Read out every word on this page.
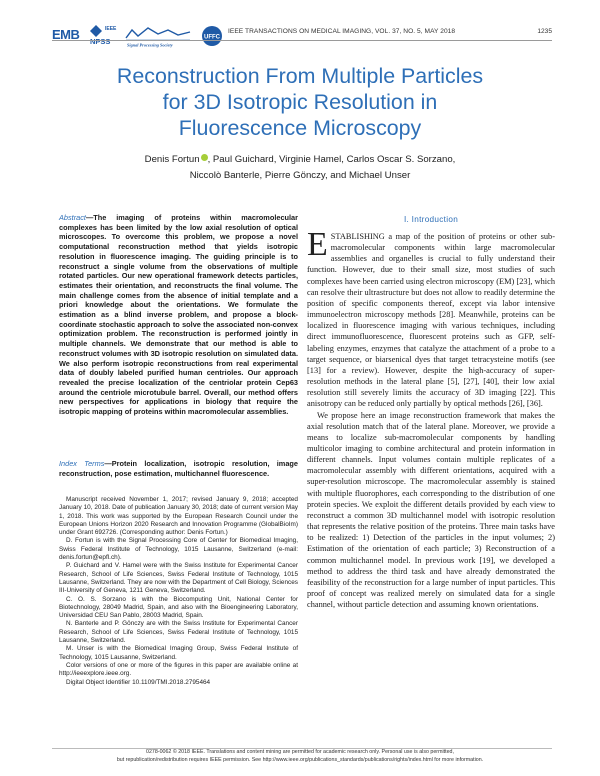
EMB	IEEE
NPSS	Signal Processing Society
UFFC
IEEE TRANSACTIONS ON MEDICAL IMAGING, VOL. 37, NO. 5, MAY 2018	1235
Reconstruction From Multiple Particles
for 3D Isotropic Resolution in
Fluorescence Microscopy
Denis Fortun , Paul Guichard, Virginie Hamel, Carlos Oscar S. Sorzano,
Niccolò Banterle, Pierre Gönczy, and Michael Unser
Abstract—The imaging of proteins within macromolecular complexes has been limited by the low axial resolution of optical microscopes. To overcome this problem, we propose a novel computational reconstruction method that yields isotropic resolution in fluorescence imaging. The guiding principle is to reconstruct a single volume from the observations of multiple rotated particles. Our new operational framework detects particles, estimates their orientation, and reconstructs the final volume. The main challenge comes from the absence of initial template and a priori knowledge about the orientations. We formulate the estimation as a blind inverse problem, and propose a block-coordinate stochastic approach to solve the associated non-convex optimization problem. The reconstruction is performed jointly in multiple channels. We demonstrate that our method is able to reconstruct volumes with 3D isotropic resolution on simulated data. We also perform isotropic reconstructions from real experimental data of doubly labeled purified human centrioles. Our approach revealed the precise localization of the centriolar protein Cep63 around the centriole microtubule barrel. Overall, our method offers new perspectives for applications in biology that require the isotropic mapping of proteins within macromolecular assemblies.
Index Terms—Protein localization, isotropic resolution, image reconstruction, pose estimation, multichannel fluorescence.

Manuscript received November 1, 2017; revised January 9, 2018; accepted January 10, 2018. Date of publication January 30, 2018; date of current version May 1, 2018. This work was supported by the European Research Council under the European Unions Horizon 2020 Research and Innovation Programme (GlobalBioIm) under Grant 692726. (Corresponding author: Denis Fortun.)

D. Fortun is with the Signal Processing Core of Center for Biomedical Imaging, Swiss Federal Institute of Technology, 1015 Lausanne, Switzerland (e-mail: denis.fortun@epfl.ch).

P. Guichard and V. Hamel were with the Swiss Institute for Experimental Cancer Research, School of Life Sciences, Swiss Federal Institute of Technology, 1015 Lausanne, Switzerland. They are now with the Department of Cell Biology, Sciences III-University of Geneva, 1211 Geneva, Switzerland.

C. O. S. Sorzano is with the Biocomputing Unit, National Center for Biotechnology, 28049 Madrid, Spain, and also with the Bioengineering Laboratory, Universidad CEU San Pablo, 28003 Madrid, Spain.

N. Banterle and P. Gönczy are with the Swiss Institute for Experimental Cancer Research, School of Life Sciences, Swiss Federal Institute of Technology, 1015 Lausanne, Switzerland.

M. Unser is with the Biomedical Imaging Group, Swiss Federal Institute of Technology, 1015 Lausanne, Switzerland.

Color versions of one or more of the figures in this paper are available online at http://ieeexplore.ieee.org.

Digital Object Identifier 10.1109/TMI.2018.2795464

I. Introduction

ESTABLISHING a map of the position of proteins or other sub-macromolecular components within large macromolecular assemblies and organelles is crucial to fully understand their function. However, due to their small size, most studies of such complexes have been carried using electron microscopy (EM) [23], which can resolve their ultrastructure but does not allow to readily determine the position of specific components thereof, except via labor intensive immunoelectron microscopy methods [28]. Meanwhile, proteins can be localized in fluorescence imaging with various techniques, including direct immunofluorescence, fluorescent proteins such as GFP, self-labeling enzymes, enzymes that catalyze the attachment of a probe to a target sequence, or biarsenical dyes that target tetracysteine motifs (see [13] for a review). However, despite the high-accuracy of super-resolution methods in the lateral plane [5], [27], [40], their low axial resolution still severely limits the accuracy of 3D imaging [22]. This anisotropy can be reduced only partially by optical methods [26], [36].

We propose here an image reconstruction framework that makes the axial resolution match that of the lateral plane. Moreover, we provide a means to localize sub-macromolecular components by handling multicolor imaging to combine architectural and protein information in different channels. Input volumes contain multiple replicates of a macromolecular assembly with different orientations, acquired with a super-resolution microscope. The macromolecular assembly is stained with multiple fluorophores, each corresponding to the distribution of one protein species. We exploit the different details provided by each view to reconstruct a common 3D multichannel model with isotropic resolution that represents the relative position of the proteins. Three main tasks have to be realized: 1) Detection of the particles in the input volumes; 2) Estimation of the orientation of each particle; 3) Reconstruction of a common multichannel model. In previous work [19], we developed a method to address the third task and have already demonstrated the feasibility of the reconstruction for a large number of input particles. This proof of concept was realized merely on simulated data for a single channel, without particle detection and assuming known orientations.

0278-0062 © 2018 IEEE. Translations and content mining are permitted for academic research only. Personal use is also permitted,
but republication/redistribution requires IEEE permission. See http://www.ieee.org/publications_standards/publications/rights/index.html for more information.
